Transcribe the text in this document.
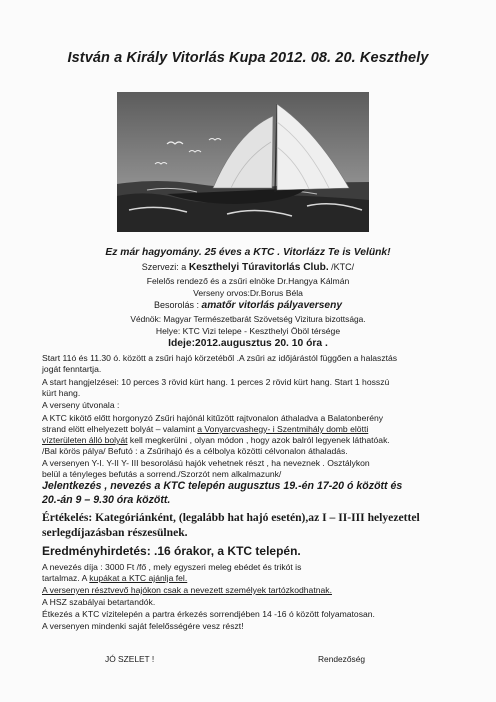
István a Király Vitorlás Kupa 2012. 08. 20. Keszthely
Ez már hagyomány. 25 éves a KTC . Vitorlázz Te is Velünk!
Szervezi: a Keszthelyi Túravitorlás Club. /KTC/
Felelős rendező és a zsűri elnöke Dr.Hangya Kálmán
Verseny orvos:Dr.Borus Béla
Besorolás : amatőr vitorlás pályaverseny
Védnök: Magyar Természetbarát Szövetség Vizitura bizottsága.
Helye: KTC Vizi telepe - Keszthelyi Öböl térsége
Ideje:2012.augusztus 20. 10 óra .
Start 11ó és 11.30 ó. között a zsűri hajó körzetéből .A zsűri az időjárástól függően a halasztás
jogát fenntartja.
A start hangjelzései: 10 perces 3 rövid kürt hang. 1 perces 2 rövid kürt hang. Start 1 hosszú
kürt hang.
A verseny útvonala :
A KTC kikötő előtt horgonyzó Zsűri hajónál kitűzött rajtvonalon áthaladva a Balatonberény
strand elött elhelyezett bolyát – valamint a Vonyarcvashegy- i Szentmihály domb elötti
vízterületen álló bolyát kell megkerülni , olyan módon , hogy azok balról legyenek láthatóak.
/Bal körös pálya/ Befutó : a Zsűrihajó és a célbolya közötti célvonalon áthaladás.
A versenyen Y-I. Y-II Y- III besorolású hajók vehetnek részt , ha neveznek . Osztálykon
belül a tényleges befutás a sorrend./Szorzót nem alkalmazunk/
Jelentkezés , nevezés a KTC telepén augusztus 19.-én 17-20 ó között és
20.-án 9 – 9.30 óra között.
Értékelés: Kategóriánként, (legalább hat hajó esetén),az I – II-III helyezettel
serlegdíjazásban részesülnek.
Eredményhirdetés: .16 órakor, a KTC telepén.
A nevezés díja : 3000 Ft /fő , mely egyszeri meleg ebédet és trikót is
tartalmaz. A kupákat a KTC ajánlja fel.
A versenyen résztvevő hajókon csak a nevezett személyek tartózkodhatnak.
A HSZ szabályai betartandók.
Étkezés a KTC vízitelepén a partra érkezés sorrendjében 14 -16 ó között folyamatosan.
A versenyen mindenki saját felelősségére vesz részt!
JÓ SZELET !	Rendezőség
